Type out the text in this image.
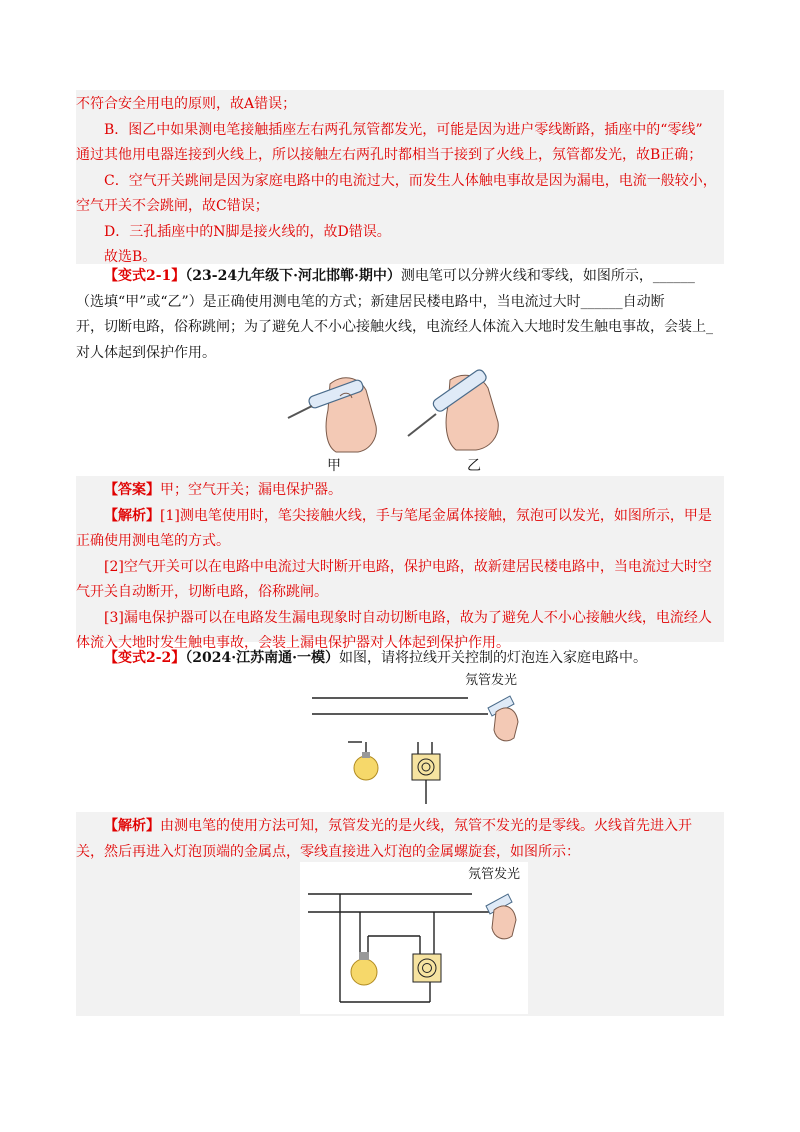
不符合安全用电的原则，故A错误；

B．图乙中如果测电笔接触插座左右两孔氖管都发光，可能是因为进户零线断路，插座中的“零线”

通过其他用电器连接到火线上，所以接触左右两孔时都相当于接到了火线上，氖管都发光，故B正确；

C．空气开关跳闸是因为家庭电路中的电流过大，而发生人体触电事故是因为漏电，电流一般较小，

空气开关不会跳闸，故C错误；

D．三孔插座中的N脚是接火线的，故D错误。

故选B。

【变式2-1】（23-24九年级下·河北邯郸·期中）测电笔可以分辨火线和零线，如图所示，______

（选填“甲”或“乙”）是正确使用测电笔的方式；新建居民楼电路中，当电流过大时______自动断

开，切断电路，俗称跳闸；为了避免人不小心接触火线，电流经人体流入大地时发生触电事故，会装上_

对人体起到保护作用。

甲	乙

【答案】甲；空气开关；漏电保护器。

【解析】[1]测电笔使用时，笔尖接触火线，手与笔尾金属体接触，氖泡可以发光，如图所示，甲是

正确使用测电笔的方式。

[2]空气开关可以在电路中电流过大时断开电路，保护电路，故新建居民楼电路中，当电流过大时空

气开关自动断开，切断电路，俗称跳闸。

[3]漏电保护器可以在电路发生漏电现象时自动切断电路，故为了避免人不小心接触火线，电流经人

体流入大地时发生触电事故，会装上漏电保护器对人体起到保护作用。

【变式2-2】（2024·江苏南通·一模）如图，请将拉线开关控制的灯泡连入家庭电路中。

氖管发光

【解析】由测电笔的使用方法可知，氖管发光的是火线，氖管不发光的是零线。火线首先进入开

关，然后再进入灯泡顶端的金属点，零线直接进入灯泡的金属螺旋套，如图所示：

氖管发光
